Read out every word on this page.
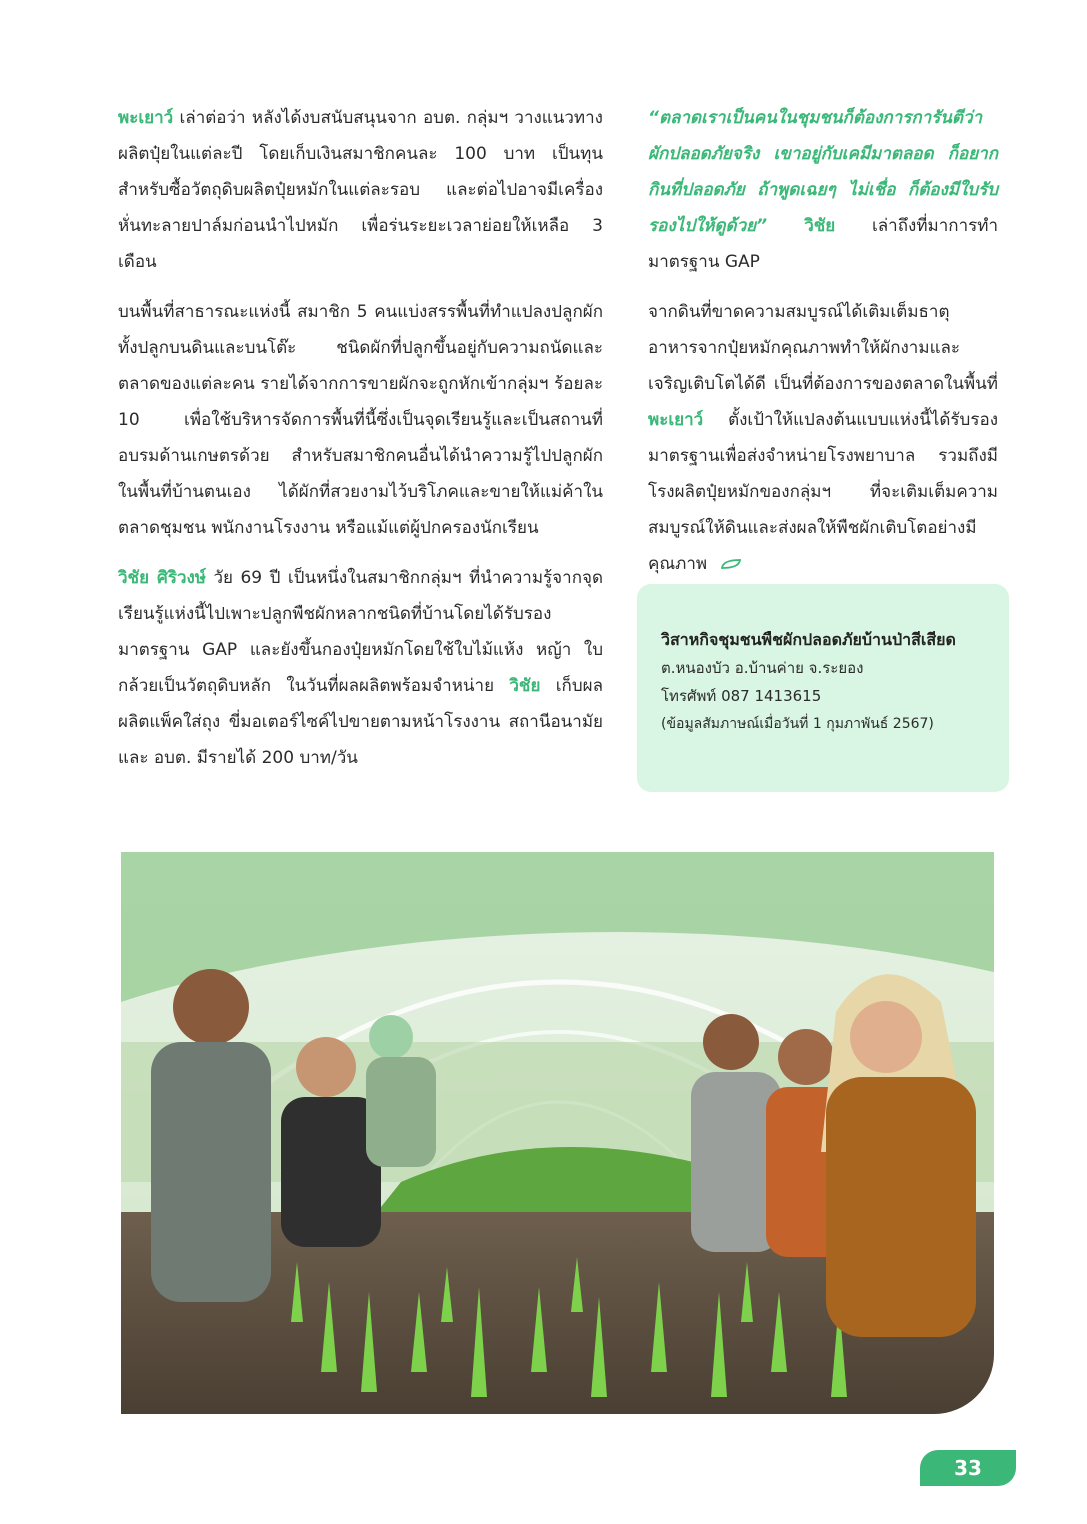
พะเยาว์ เล่าต่อว่า หลังได้งบสนับสนุนจาก อบต. กลุ่มฯ วางแนวทางผลิตปุ๋ยในแต่ละปี โดยเก็บเงินสมาชิกคนละ 100 บาท เป็นทุนสำหรับซื้อวัตถุดิบผลิตปุ๋ยหมักในแต่ละรอบ และต่อไปอาจมีเครื่องหั่นทะลายปาล์มก่อนนำไปหมัก เพื่อร่นระยะเวลาย่อยให้เหลือ 3 เดือน

บนพื้นที่สาธารณะแห่งนี้ สมาชิก 5 คนแบ่งสรรพื้นที่ทำแปลงปลูกผักทั้งปลูกบนดินและบนโต๊ะ ชนิดผักที่ปลูกขึ้นอยู่กับความถนัดและตลาดของแต่ละคน รายได้จากการขายผักจะถูกหักเข้ากลุ่มฯ ร้อยละ 10 เพื่อใช้บริหารจัดการพื้นที่นี้ซึ่งเป็นจุดเรียนรู้และเป็นสถานที่อบรมด้านเกษตรด้วย สำหรับสมาชิกคนอื่นได้นำความรู้ไปปลูกผักในพื้นที่บ้านตนเอง ได้ผักที่สวยงามไว้บริโภคและขายให้แม่ค้าในตลาดชุมชน พนักงานโรงงาน หรือแม้แต่ผู้ปกครองนักเรียน

วิชัย ศิริวงษ์ วัย 69 ปี เป็นหนึ่งในสมาชิกกลุ่มฯ ที่นำความรู้จากจุดเรียนรู้แห่งนี้ไปเพาะปลูกพืชผักหลากชนิดที่บ้านโดยได้รับรองมาตรฐาน GAP และยังขึ้นกองปุ๋ยหมักโดยใช้ใบไม้แห้ง หญ้า ใบกล้วยเป็นวัตถุดิบหลัก ในวันที่ผลผลิตพร้อมจำหน่าย วิชัย เก็บผลผลิตแพ็คใส่ถุง ขี่มอเตอร์ไซค์ไปขายตามหน้าโรงงาน สถานีอนามัยและ อบต. มีรายได้ 200 บาท/วัน

“ตลาดเราเป็นคนในชุมชนก็ต้องการการันตีว่าผักปลอดภัยจริง เขาอยู่กับเคมีมาตลอด ก็อยากกินที่ปลอดภัย ถ้าพูดเฉยๆ ไม่เชื่อ ก็ต้องมีใบรับรองไปให้ดูด้วย” วิชัย เล่าถึงที่มาการทำมาตรฐาน GAP

จากดินที่ขาดความสมบูรณ์ได้เติมเต็มธาตุอาหารจากปุ๋ยหมักคุณภาพทำให้ผักงามและเจริญเติบโตได้ดี เป็นที่ต้องการของตลาดในพื้นที่ พะเยาว์ ตั้งเป้าให้แปลงต้นแบบแห่งนี้ได้รับรองมาตรฐานเพื่อส่งจำหน่ายโรงพยาบาล รวมถึงมีโรงผลิตปุ๋ยหมักของกลุ่มฯ ที่จะเติมเต็มความสมบูรณ์ให้ดินและส่งผลให้พืชผักเติบโตอย่างมีคุณภาพ

วิสาหกิจชุมชนพืชผักปลอดภัยบ้านป่าสีเสียด
ต.หนองบัว อ.บ้านค่าย จ.ระยอง
โทรศัพท์ 087 1413615
(ข้อมูลสัมภาษณ์เมื่อวันที่ 1 กุมภาพันธ์ 2567)
33
